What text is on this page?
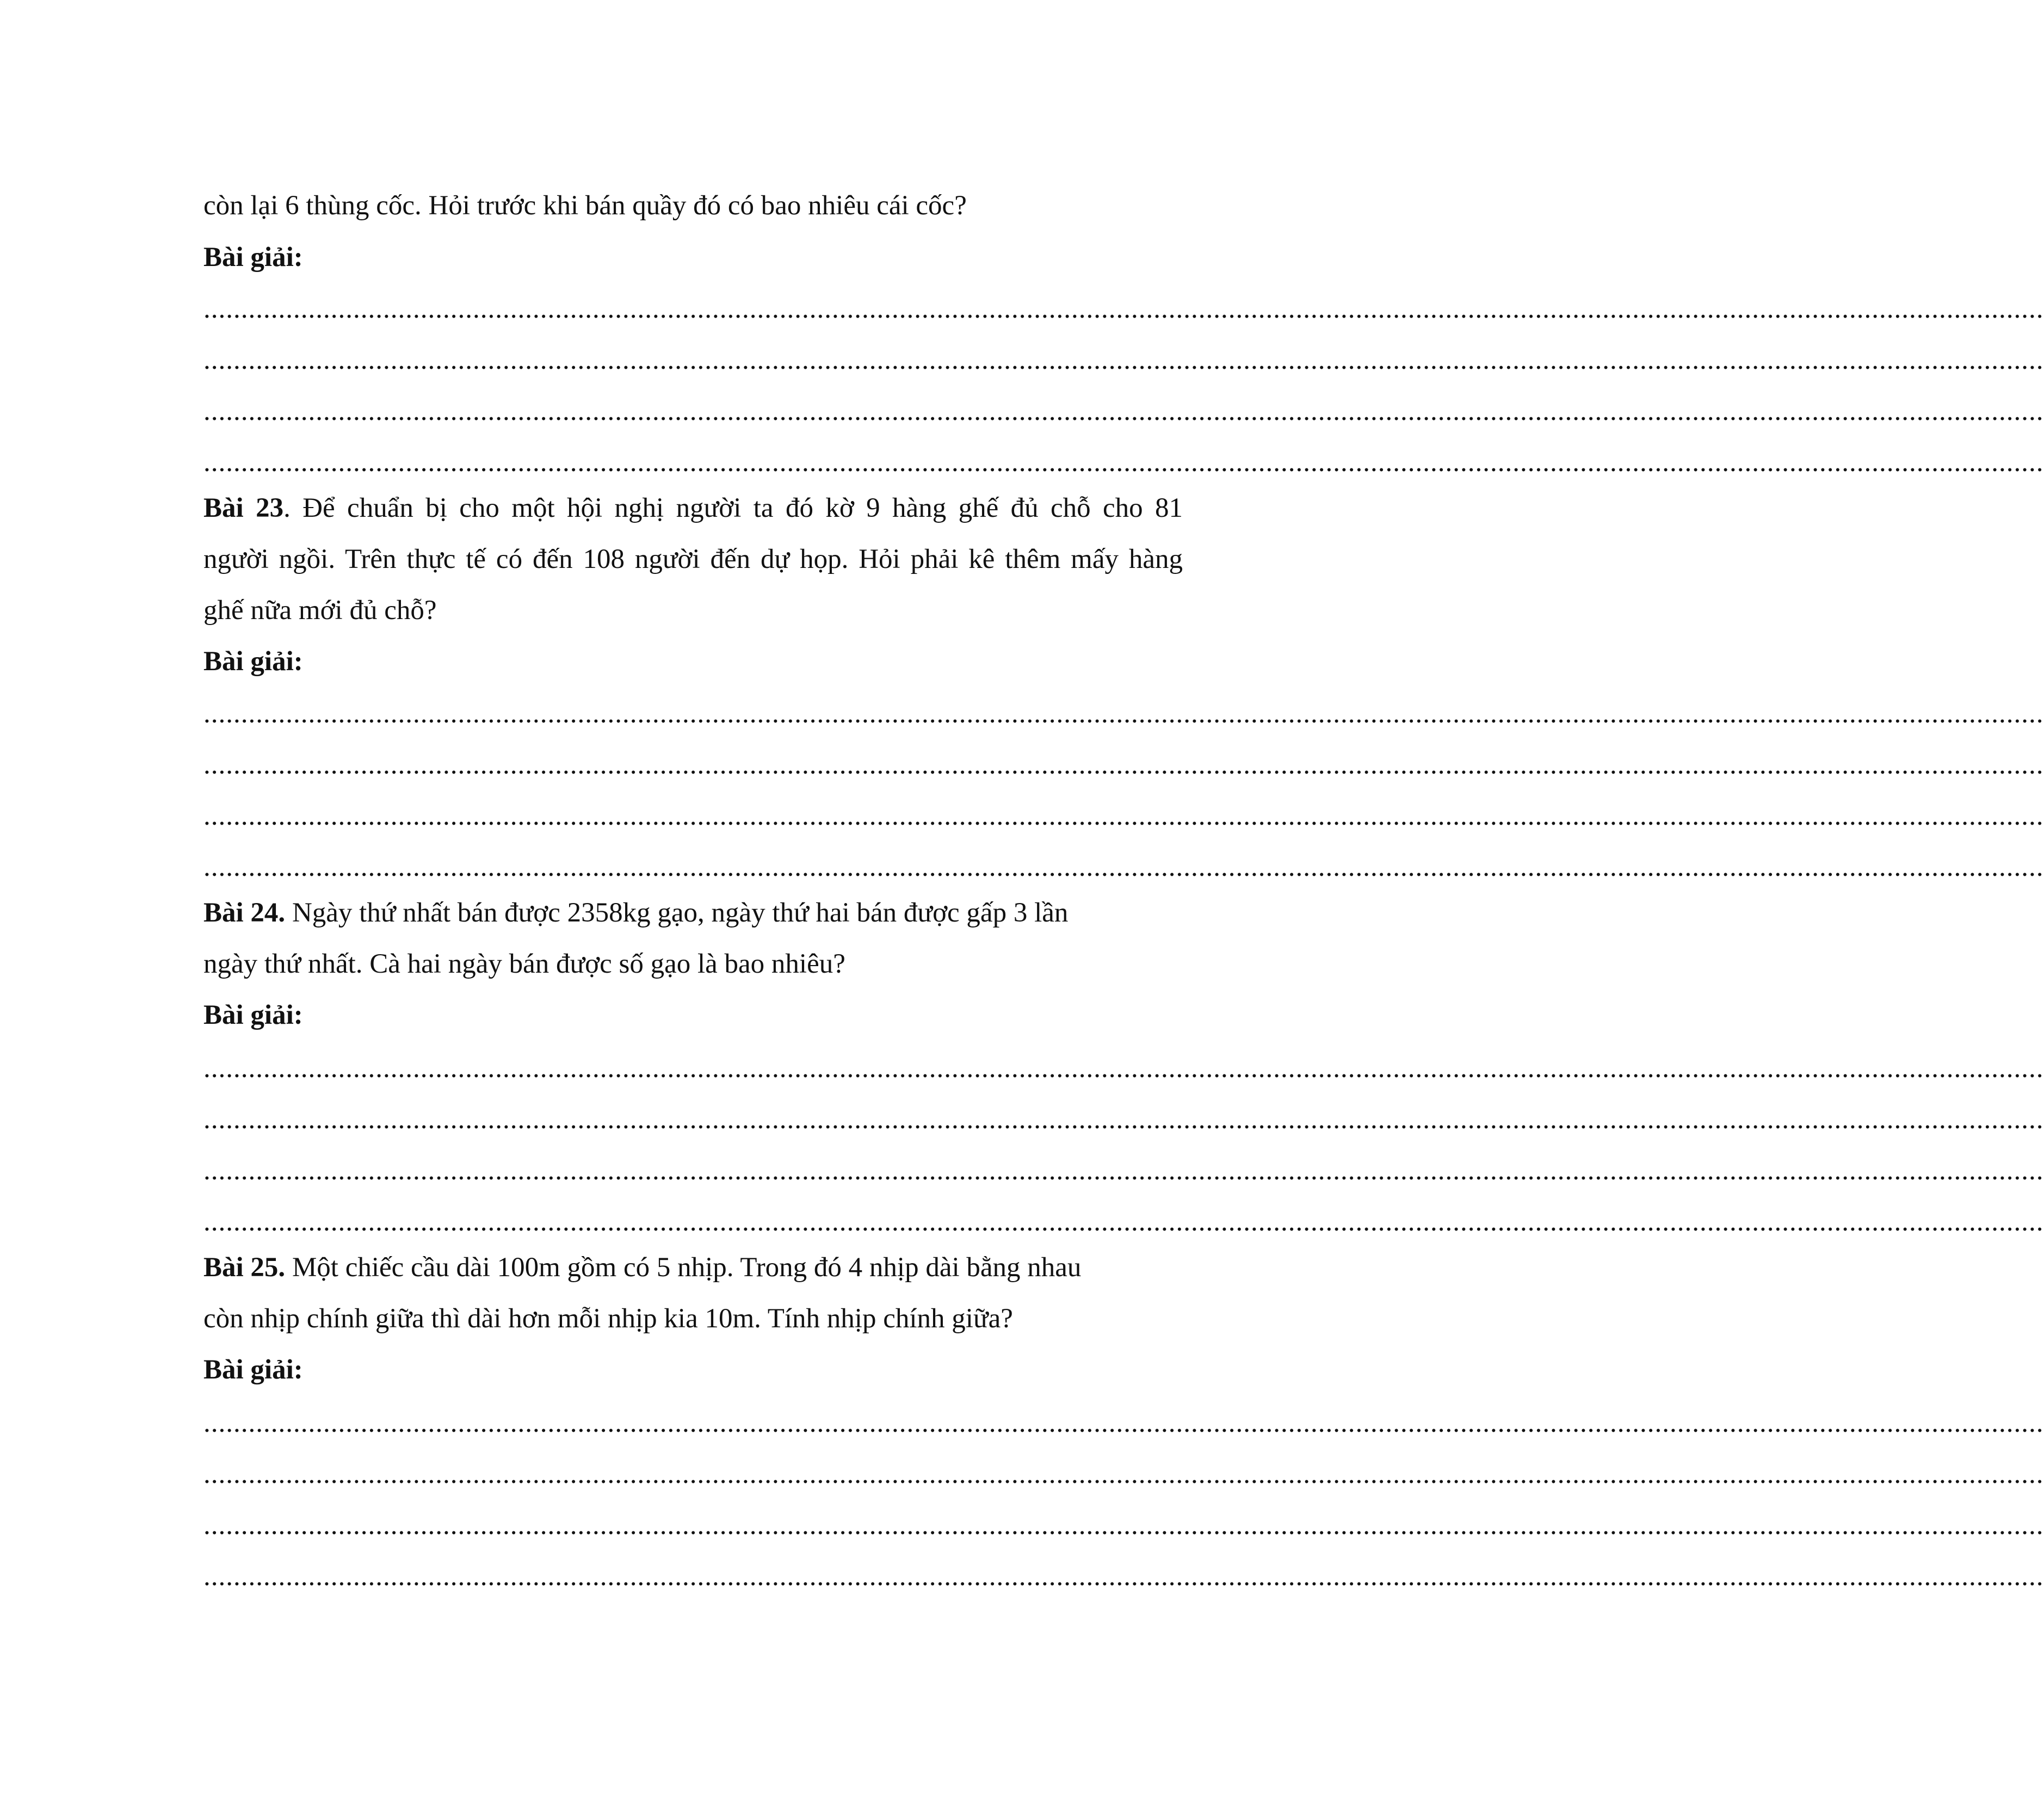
còn lại 6 thùng cốc. Hỏi trước khi bán quầy đó có bao nhiêu cái cốc?
Bài giải:
......................................................................................................................................................................................................................................................
......................................................................................................................................................................................................................................................
......................................................................................................................................................................................................................................................
......................................................................................................................................................................................................................................................
Bài 23. Để chuẩn bị cho một hội nghị người ta đó kờ 9 hàng ghế đủ chỗ cho 81
người ngồi. Trên thực tế có đến 108 người đến dự họp. Hỏi phải kê thêm mấy hàng
ghế nữa mới đủ chỗ?
Bài giải:
......................................................................................................................................................................................................................................................
......................................................................................................................................................................................................................................................
......................................................................................................................................................................................................................................................
......................................................................................................................................................................................................................................................
Bài 24. Ngày thứ nhất bán được 2358kg gạo, ngày thứ hai bán được gấp 3 lần
ngày thứ nhất. Cà hai ngày bán được số gạo là bao nhiêu?
Bài giải:
......................................................................................................................................................................................................................................................
......................................................................................................................................................................................................................................................
......................................................................................................................................................................................................................................................
......................................................................................................................................................................................................................................................
Bài 25. Một chiếc cầu dài 100m gồm có 5 nhịp. Trong đó 4 nhịp dài bằng nhau
còn nhịp chính giữa thì dài hơn mỗi nhịp kia 10m. Tính nhịp chính giữa?
Bài giải:
......................................................................................................................................................................................................................................................
......................................................................................................................................................................................................................................................
......................................................................................................................................................................................................................................................
......................................................................................................................................................................................................................................................
